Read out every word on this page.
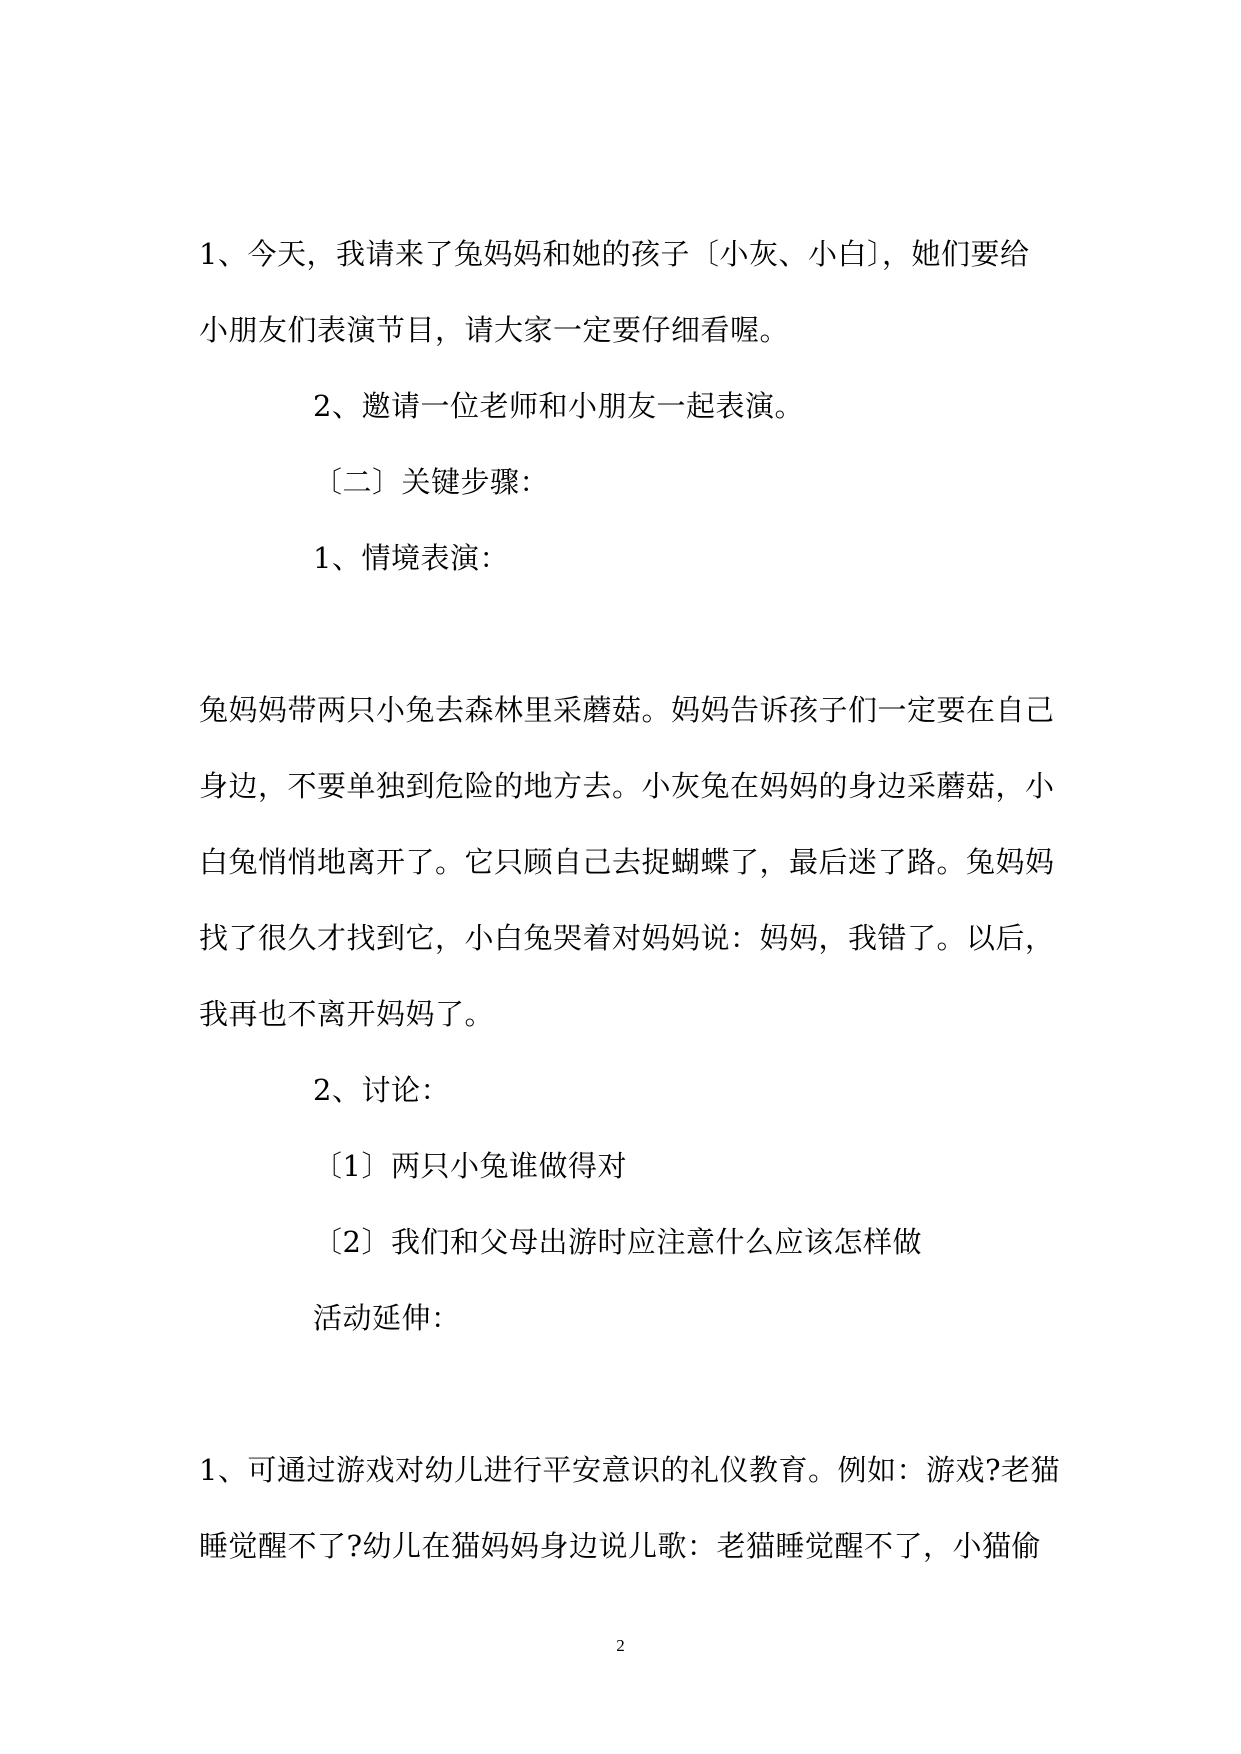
1、今天，我请来了兔妈妈和她的孩子〔小灰、小白〕，她们要给
小朋友们表演节目，请大家一定要仔细看喔。
2、邀请一位老师和小朋友一起表演。
〔二〕关键步骤：
1、情境表演：
兔妈妈带两只小兔去森林里采蘑菇。妈妈告诉孩子们一定要在自己
身边，不要单独到危险的地方去。小灰兔在妈妈的身边采蘑菇，小
白兔悄悄地离开了。它只顾自己去捉蝴蝶了，最后迷了路。兔妈妈
找了很久才找到它，小白兔哭着对妈妈说：妈妈，我错了。以后，
我再也不离开妈妈了。
2、讨论：
〔1〕两只小兔谁做得对
〔2〕我们和父母出游时应注意什么应该怎样做
活动延伸：
1、可通过游戏对幼儿进行平安意识的礼仪教育。例如：游戏?老猫
睡觉醒不了?幼儿在猫妈妈身边说儿歌：老猫睡觉醒不了，小猫偷
2
